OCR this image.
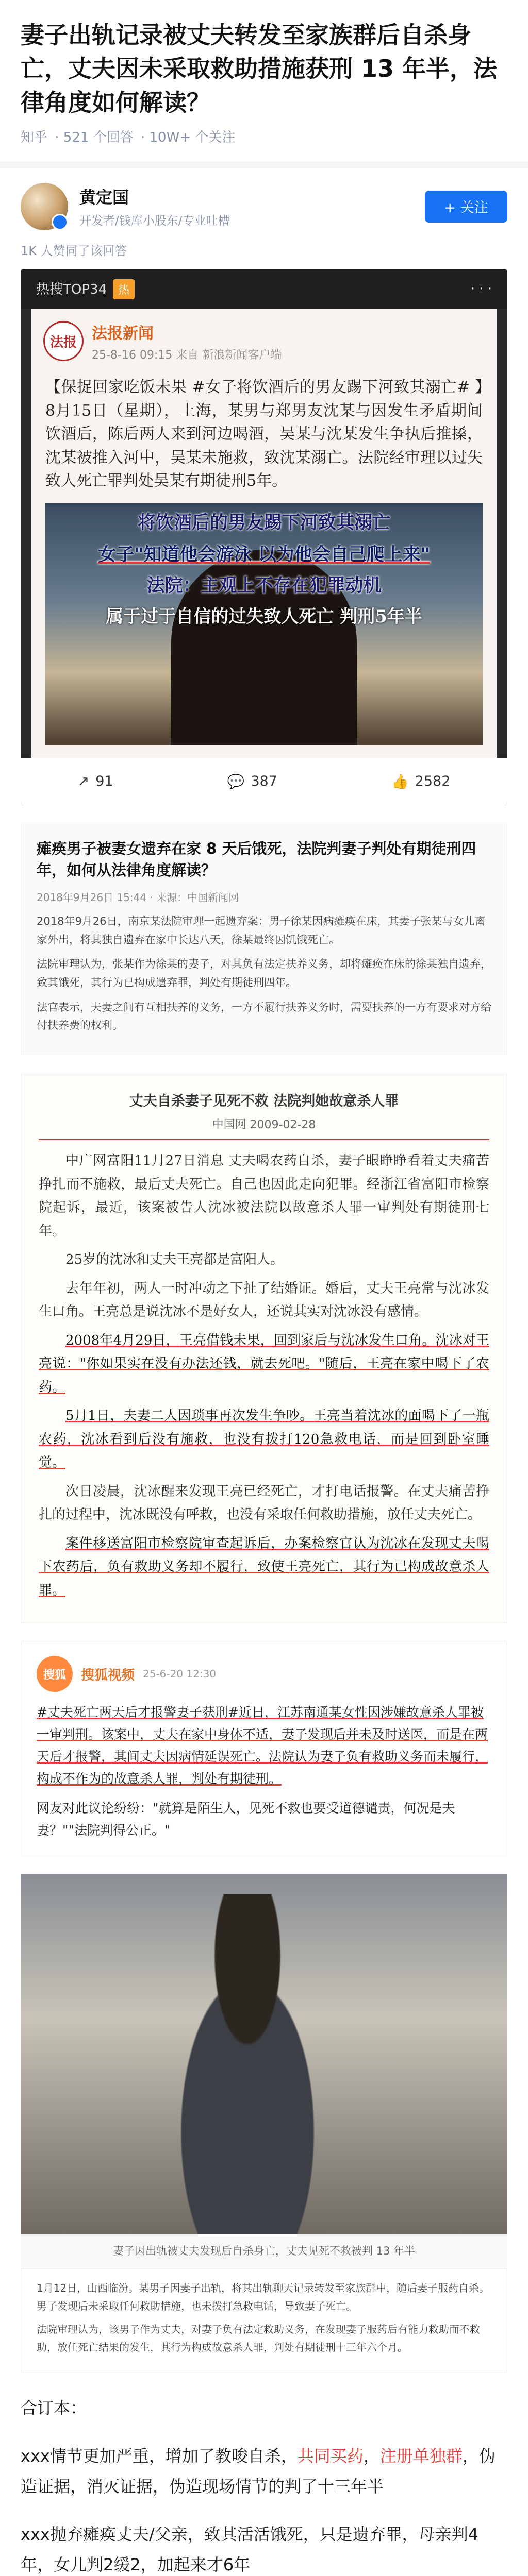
妻子出轨记录被丈夫转发至家族群后自杀身亡，丈夫因未采取救助措施获刑 13 年半，法律角度如何解读？
知乎 · 521 个回答 · 10W+ 个关注
黄定国
开发者/钱库小股东/专业吐槽
+ 关注
1K 人赞同了该回答
热搜TOP34 热	· · ·
法报 法报新闻
25-8-16 09:15 来自 新浪新闻客户端
【保捉回家吃饭未果 #女子将饮酒后的男友踢下河致其溺亡# 】8月15日（星期），上海，某男与郑男友沈某与因发生矛盾期间饮酒后，陈后两人来到河边喝酒，吴某与沈某发生争执后推搡，沈某被推入河中，吴某未施救，致沈某溺亡。法院经审理以过失致人死亡罪判处吴某有期徒刑5年。
将饮酒后的男友踢下河致其溺亡
女子"知道他会游泳 以为他会自己爬上来"
法院：主观上不存在犯罪动机
属于过于自信的过失致人死亡 判刑5年半
↗ 91	💬 387	👍 2582
瘫痪男子被妻女遗弃在家 8 天后饿死，法院判妻子判处有期徒刑四年，如何从法律角度解读？
2018年9月26日 15:44 · 来源：中国新闻网

2018年9月26日，南京某法院审理一起遗弃案：男子徐某因病瘫痪在床，其妻子张某与女儿离家外出，将其独自遗弃在家中长达八天，徐某最终因饥饿死亡。

法院审理认为，张某作为徐某的妻子，对其负有法定扶养义务，却将瘫痪在床的徐某独自遗弃，致其饿死，其行为已构成遗弃罪，判处有期徒刑四年。

法官表示，夫妻之间有互相扶养的义务，一方不履行扶养义务时，需要扶养的一方有要求对方给付扶养费的权利。

丈夫自杀妻子见死不救 法院判她故意杀人罪
中国网 2009-02-28

中广网富阳11月27日消息 丈夫喝农药自杀，妻子眼睁睁看着丈夫痛苦挣扎而不施救，最后丈夫死亡。自己也因此走向犯罪。经浙江省富阳市检察院起诉，最近，该案被告人沈冰被法院以故意杀人罪一审判处有期徒刑七年。

25岁的沈冰和丈夫王亮都是富阳人。

去年年初，两人一时冲动之下扯了结婚证。婚后，丈夫王亮常与沈冰发生口角。王亮总是说沈冰不是好女人，还说其实对沈冰没有感情。

2008年4月29日，王亮借钱未果，回到家后与沈冰发生口角。沈冰对王亮说："你如果实在没有办法还钱，就去死吧。"随后，王亮在家中喝下了农药。

5月1日，夫妻二人因琐事再次发生争吵。王亮当着沈冰的面喝下了一瓶农药，沈冰看到后没有施救，也没有拨打120急救电话，而是回到卧室睡觉。

次日凌晨，沈冰醒来发现王亮已经死亡，才打电话报警。在丈夫痛苦挣扎的过程中，沈冰既没有呼救，也没有采取任何救助措施，放任丈夫死亡。

案件移送富阳市检察院审查起诉后，办案检察官认为沈冰在发现丈夫喝下农药后，负有救助义务却不履行，致使王亮死亡，其行为已构成故意杀人罪。

搜狐	搜狐视频 25-6-20 12:30

#丈夫死亡两天后才报警妻子获刑#近日，江苏南通某女性因涉嫌故意杀人罪被一审判刑。该案中，丈夫在家中身体不适，妻子发现后并未及时送医，而是在两天后才报警，其间丈夫因病情延误死亡。法院认为妻子负有救助义务而未履行，构成不作为的故意杀人罪，判处有期徒刑。

网友对此议论纷纷："就算是陌生人，见死不救也要受道德谴责，何况是夫妻？""法院判得公正。"

妻子因出轨被丈夫发现后自杀身亡，丈夫见死不救被判 13 年半

1月12日，山西临汾。某男子因妻子出轨，将其出轨聊天记录转发至家族群中，随后妻子服药自杀。男子发现后未采取任何救助措施，也未拨打急救电话，导致妻子死亡。

法院审理认为，该男子作为丈夫，对妻子负有法定救助义务，在发现妻子服药后有能力救助而不救助，放任死亡结果的发生，其行为构成故意杀人罪，判处有期徒刑十三年六个月。

合订本：

xxx情节更加严重，增加了教唆自杀，共同买药，注册单独群，伪造证据，消灭证据，伪造现场情节的判了十三年半

xxx抛弃瘫痪丈夫/父亲，致其活活饿死，只是遗弃罪，母亲判4年，女儿判2缓2，加起来才6年
